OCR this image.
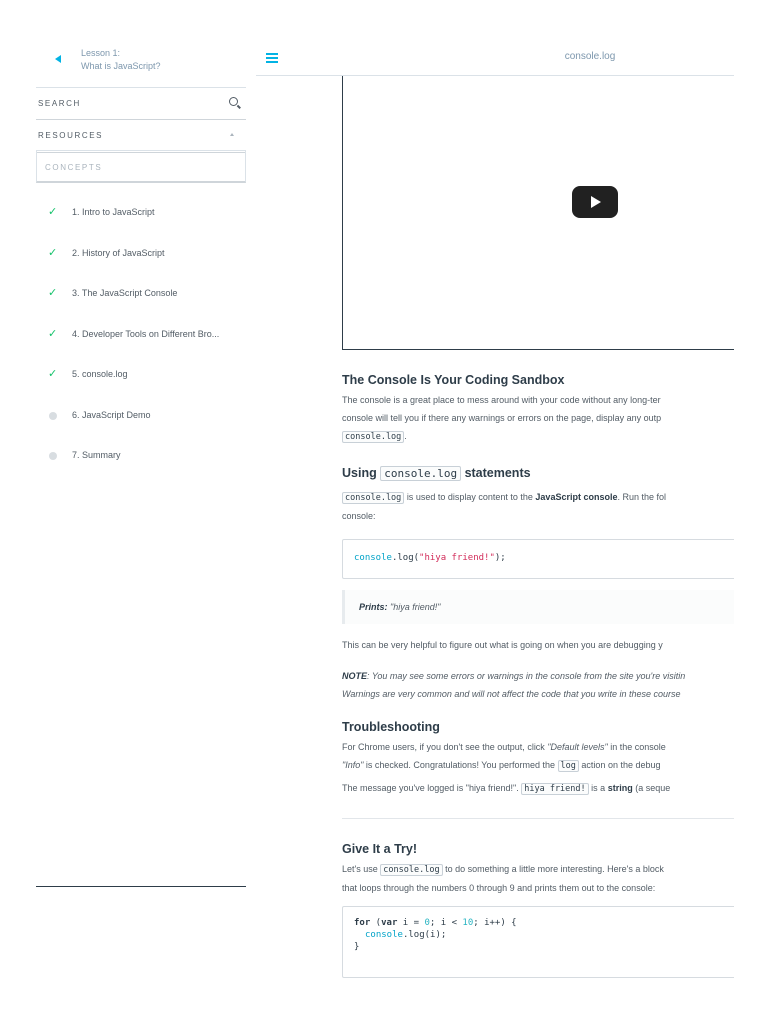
Lesson 1:
What is JavaScript?
SEARCH
RESOURCES
CONCEPTS
✓ 1. Intro to JavaScript
✓ 2. History of JavaScript
✓ 3. The JavaScript Console
✓ 4. Developer Tools on Different Bro...
✓ 5. console.log
6. JavaScript Demo
7. Summary
console.log
The Console Is Your Coding Sandbox
The console is a great place to mess around with your code without any long-ter
console will tell you if there any warnings or errors on the page, display any outp
console.log .
Using console.log statements
console.log is used to display content to the JavaScript console. Run the fol
console:
console.log("hiya friend!");
Prints: "hiya friend!"
This can be very helpful to figure out what is going on when you are debugging y
NOTE: You may see some errors or warnings in the console from the site you're visitin
Warnings are very common and will not affect the code that you write in these course
Troubleshooting
For Chrome users, if you don't see the output, click "Default levels" in the console
"Info" is checked. Congratulations! You performed the log action on the debug
The message you've logged is "hiya friend!". hiya friend! is a string (a seque
Give It a Try!
Let's use console.log to do something a little more interesting. Here's a block
that loops through the numbers 0 through 9 and prints them out to the console:
for (var i = 0; i < 10; i++) {
console.log(i);
}
